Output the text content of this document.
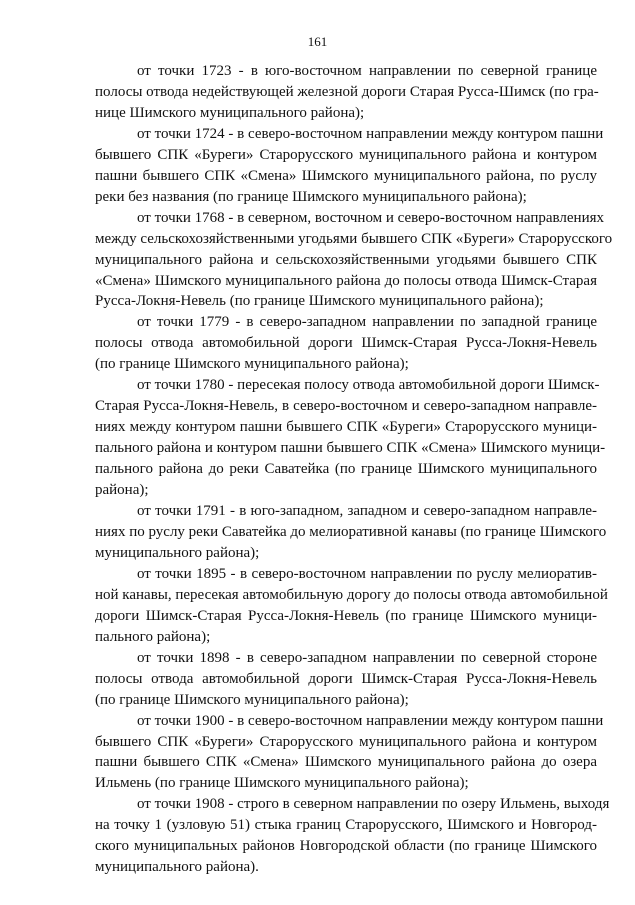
161

от точки 1723 - в юго-восточном направлении по северной границе
полосы отвода недействующей железной дороги Старая Русса-Шимск (по гра-
нице Шимского муниципального района);

от точки 1724 - в северо-восточном направлении между контуром пашни
бывшего СПК «Буреги» Старорусского муниципального района и контуром
пашни бывшего СПК «Смена» Шимского муниципального района, по руслу
реки без названия (по границе Шимского муниципального района);

от точки 1768 - в северном, восточном и северо-восточном направлениях
между сельскохозяйственными угодьями бывшего СПК «Буреги» Старорусского
муниципального района и сельскохозяйственными угодьями бывшего СПК
«Смена» Шимского муниципального района до полосы отвода Шимск-Старая
Русса-Локня-Невель (по границе Шимского муниципального района);

от точки 1779 - в северо-западном направлении по западной границе
полосы отвода автомобильной дороги Шимск-Старая Русса-Локня-Невель
(по границе Шимского муниципального района);

от точки 1780 - пересекая полосу отвода автомобильной дороги Шимск-
Старая Русса-Локня-Невель, в северо-восточном и северо-западном направле-
ниях между контуром пашни бывшего СПК «Буреги» Старорусского муници-
пального района и контуром пашни бывшего СПК «Смена» Шимского муници-
пального района до реки Саватейка (по границе Шимского муниципального
района);

от точки 1791 - в юго-западном, западном и северо-западном направле-
ниях по руслу реки Саватейка до мелиоративной канавы (по границе Шимского
муниципального района);

от точки 1895 - в северо-восточном направлении по руслу мелиоратив-
ной канавы, пересекая автомобильную дорогу до полосы отвода автомобильной
дороги Шимск-Старая Русса-Локня-Невель (по границе Шимского муници-
пального района);

от точки 1898 - в северо-западном направлении по северной стороне
полосы отвода автомобильной дороги Шимск-Старая Русса-Локня-Невель
(по границе Шимского муниципального района);

от точки 1900 - в северо-восточном направлении между контуром пашни
бывшего СПК «Буреги» Старорусского муниципального района и контуром
пашни бывшего СПК «Смена» Шимского муниципального района до озера
Ильмень (по границе Шимского муниципального района);

от точки 1908 - строго в северном направлении по озеру Ильмень, выходя
на точку 1 (узловую 51) стыка границ Старорусского, Шимского и Новгород-
ского муниципальных районов Новгородской области (по границе Шимского
муниципального района).
